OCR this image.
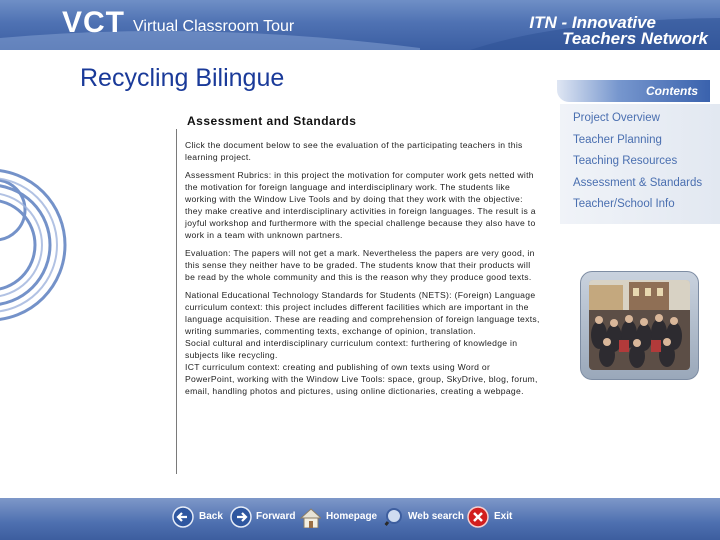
VCT Virtual Classroom Tour	ITN - Innovative
Teachers Network
Recycling Bilingue
Assessment and Standards

Click the document below to see the evaluation of the participating teachers in this learning project.

Assessment Rubrics: in this project the motivation for computer work gets netted with the motivation for foreign language and interdisciplinary work. The students like working with the Window Live Tools and by doing that they work with the objective: they make creative and interdisciplinary activities in foreign languages. The result is a joyful workshop and furthermore with the special challenge because they also have to work in a team with unknown partners.

Evaluation: The papers will not get a mark. Nevertheless the papers are very good, in this sense they neither have to be graded. The students know that their products will be read by the whole community and this is the reason why they produce good texts.

National Educational Technology Standards for Students (NETS): (Foreign) Language curriculum context: this project includes different facilities which are important in the language acquisition. These are reading and comprehension of foreign language texts, writing summaries, commenting texts, exchange of opinion, translation.

Social cultural and interdisciplinary curriculum context: furthering of knowledge in subjects like recycling.

ICT curriculum context: creating and publishing of own texts using Word or PowerPoint, working with the Window Live Tools: space, group, SkyDrive, blog, forum, email, handling photos and pictures, using online dictionaries, creating a webpage.

Contents
Project Overview
Teacher Planning
Teaching Resources
Assessment & Standards
Teacher/School Info
Back	Forward	Homepage	Web search	Exit
